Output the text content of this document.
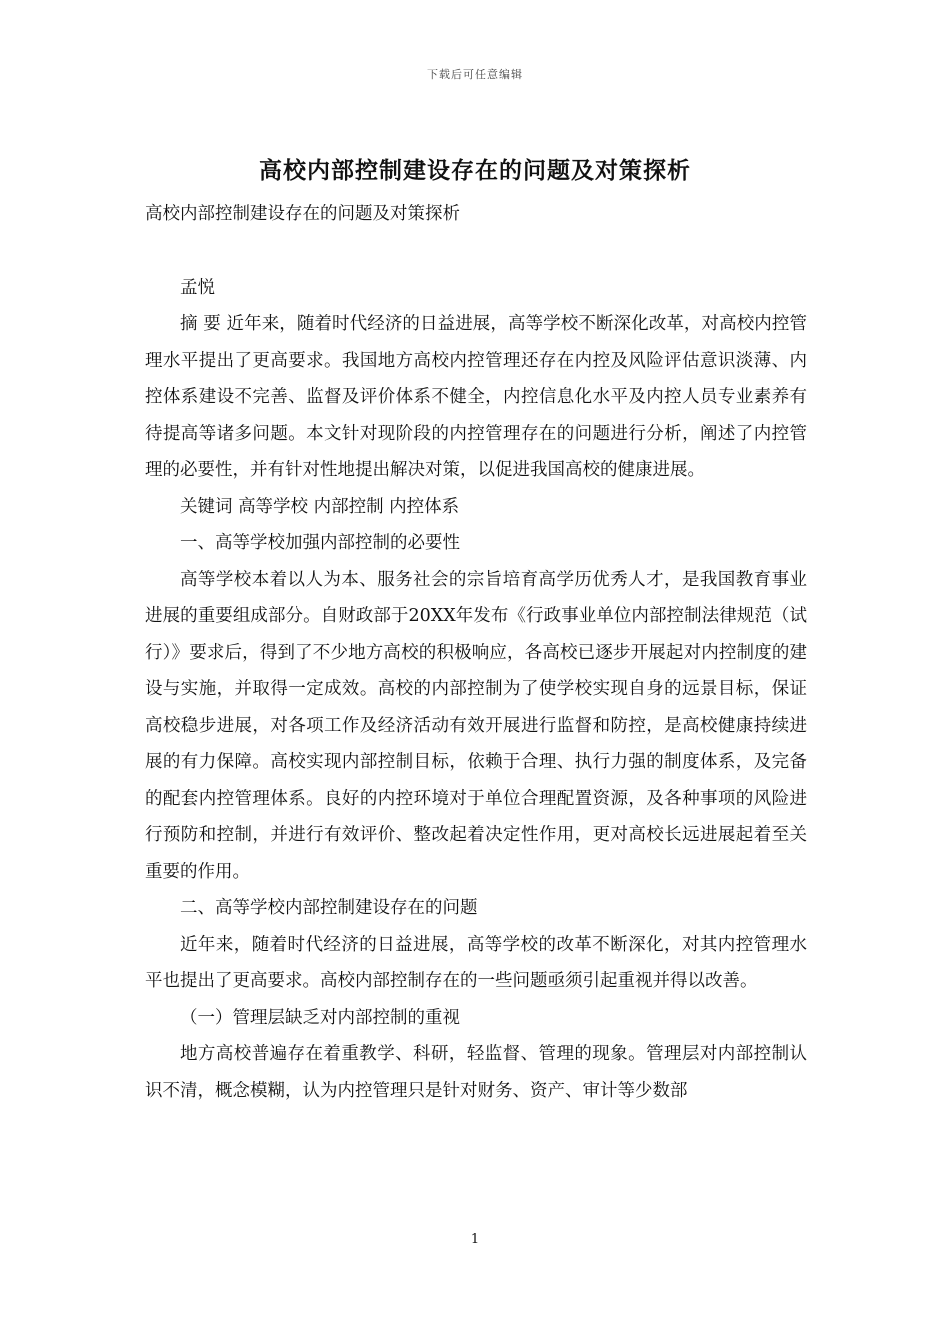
下载后可任意编辑
高校内部控制建设存在的问题及对策探析

高校内部控制建设存在的问题及对策探析

孟悦

摘 要 近年来，随着时代经济的日益进展，高等学校不断深化改革，对高校内控管理水平提出了更高要求。我国地方高校内控管理还存在内控及风险评估意识淡薄、内控体系建设不完善、监督及评价体系不健全，内控信息化水平及内控人员专业素养有待提高等诸多问题。本文针对现阶段的内控管理存在的问题进行分析，阐述了内控管理的必要性，并有针对性地提出解决对策，以促进我国高校的健康进展。

关键词 高等学校 内部控制 内控体系

一、高等学校加强内部控制的必要性

高等学校本着以人为本、服务社会的宗旨培育高学历优秀人才，是我国教育事业进展的重要组成部分。自财政部于20XX年发布《行政事业单位内部控制法律规范（试行）》要求后，得到了不少地方高校的积极响应，各高校已逐步开展起对内控制度的建设与实施，并取得一定成效。高校的内部控制为了使学校实现自身的远景目标，保证高校稳步进展，对各项工作及经济活动有效开展进行监督和防控，是高校健康持续进展的有力保障。高校实现内部控制目标，依赖于合理、执行力强的制度体系，及完备的配套内控管理体系。良好的内控环境对于单位合理配置资源，及各种事项的风险进行预防和控制，并进行有效评价、整改起着决定性作用，更对高校长远进展起着至关重要的作用。

二、高等学校内部控制建设存在的问题

近年来，随着时代经济的日益进展，高等学校的改革不断深化，对其内控管理水平也提出了更高要求。高校内部控制存在的一些问题亟须引起重视并得以改善。

（一）管理层缺乏对内部控制的重视

地方高校普遍存在着重教学、科研，轻监督、管理的现象。管理层对内部控制认识不清，概念模糊，认为内控管理只是针对财务、资产、审计等少数部

1
